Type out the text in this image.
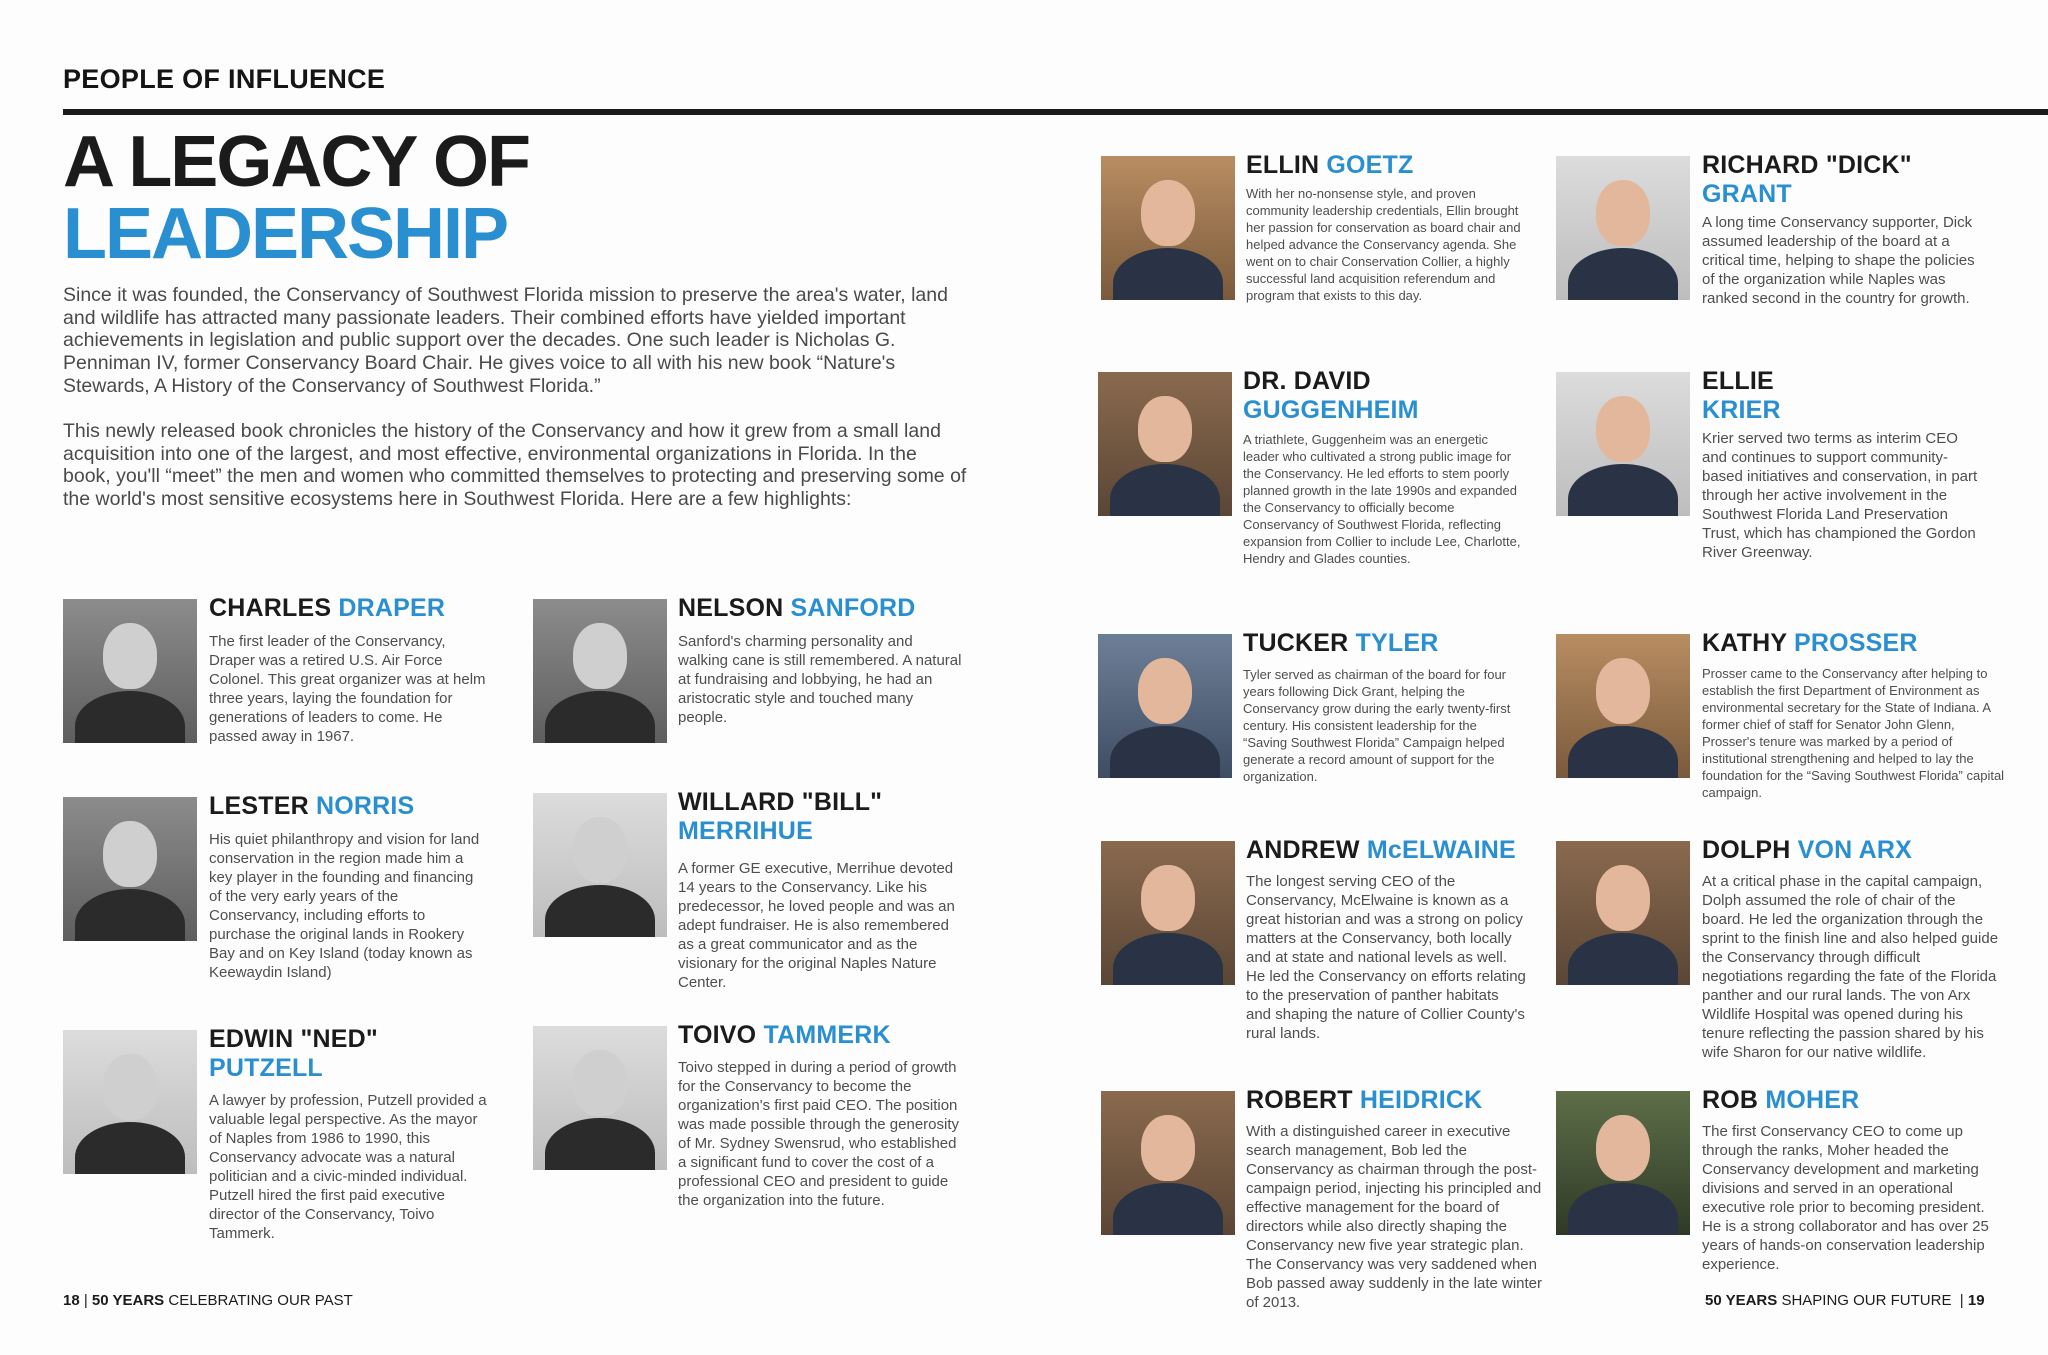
PEOPLE OF INFLUENCE
A LEGACY OF
LEADERSHIP
Since it was founded, the Conservancy of Southwest Florida mission to preserve the area's water, land and wildlife has attracted many passionate leaders. Their combined efforts have yielded important achievements in legislation and public support over the decades. One such leader is Nicholas G. Penniman IV, former Conservancy Board Chair. He gives voice to all with his new book “Nature's Stewards, A History of the Conservancy of Southwest Florida.”
This newly released book chronicles the history of the Conservancy and how it grew from a small land acquisition into one of the largest, and most effective, environmental organizations in Florida. In the book, you'll “meet” the men and women who committed themselves to protecting and preserving some of the world's most sensitive ecosystems here in Southwest Florida. Here are a few highlights:
CHARLES DRAPER
The first leader of the Conservancy, Draper was a retired U.S. Air Force Colonel. This great organizer was at helm three years, laying the foundation for generations of leaders to come. He passed away in 1967.
LESTER NORRIS
His quiet philanthropy and vision for land conservation in the region made him a key player in the founding and financing of the very early years of the Conservancy, including efforts to purchase the original lands in Rookery Bay and on Key Island (today known as Keewaydin Island)
EDWIN "NED"
PUTZELL
A lawyer by profession, Putzell provided a valuable legal perspective. As the mayor of Naples from 1986 to 1990, this Conservancy advocate was a natural politician and a civic-minded individual. Putzell hired the first paid executive director of the Conservancy, Toivo Tammerk.
NELSON SANFORD
Sanford's charming personality and walking cane is still remembered. A natural at fundraising and lobbying, he had an aristocratic style and touched many people.
WILLARD "BILL"
MERRIHUE
A former GE executive, Merrihue devoted 14 years to the Conservancy. Like his predecessor, he loved people and was an adept fundraiser. He is also remembered as a great communicator and as the visionary for the original Naples Nature Center.
TOIVO TAMMERK
Toivo stepped in during a period of growth for the Conservancy to become the organization's first paid CEO. The position was made possible through the generosity of Mr. Sydney Swensrud, who established a significant fund to cover the cost of a professional CEO and president to guide the organization into the future.
ELLIN GOETZ
With her no-nonsense style, and proven community leadership credentials, Ellin brought her passion for conservation as board chair and helped advance the Conservancy agenda. She went on to chair Conservation Collier, a highly successful land acquisition referendum and program that exists to this day.
DR. DAVID
GUGGENHEIM
A triathlete, Guggenheim was an energetic leader who cultivated a strong public image for the Conservancy. He led efforts to stem poorly planned growth in the late 1990s and expanded the Conservancy to officially become Conservancy of Southwest Florida, reflecting expansion from Collier to include Lee, Charlotte, Hendry and Glades counties.
TUCKER TYLER
Tyler served as chairman of the board for four years following Dick Grant, helping the Conservancy grow during the early twenty-first century. His consistent leadership for the “Saving Southwest Florida” Campaign helped generate a record amount of support for the organization.
ANDREW McELWAINE
The longest serving CEO of the Conservancy, McElwaine is known as a great historian and was a strong on policy matters at the Conservancy, both locally and at state and national levels as well. He led the Conservancy on efforts relating to the preservation of panther habitats and shaping the nature of Collier County's rural lands.
ROBERT HEIDRICK
With a distinguished career in executive search management, Bob led the Conservancy as chairman through the post-campaign period, injecting his principled and effective management for the board of directors while also directly shaping the Conservancy new five year strategic plan. The Conservancy was very saddened when Bob passed away suddenly in the late winter of 2013.
RICHARD "DICK"
GRANT
A long time Conservancy supporter, Dick assumed leadership of the board at a critical time, helping to shape the policies of the organization while Naples was ranked second in the country for growth.
ELLIE
KRIER
Krier served two terms as interim CEO and continues to support community-based initiatives and conservation, in part through her active involvement in the Southwest Florida Land Preservation Trust, which has championed the Gordon River Greenway.
KATHY PROSSER
Prosser came to the Conservancy after helping to establish the first Department of Environment as environmental secretary for the State of Indiana. A former chief of staff for Senator John Glenn, Prosser's tenure was marked by a period of institutional strengthening and helped to lay the foundation for the “Saving Southwest Florida” capital campaign.
DOLPH VON ARX
At a critical phase in the capital campaign, Dolph assumed the role of chair of the board. He led the organization through the sprint to the finish line and also helped guide the Conservancy through difficult negotiations regarding the fate of the Florida panther and our rural lands. The von Arx Wildlife Hospital was opened during his tenure reflecting the passion shared by his wife Sharon for our native wildlife.
ROB MOHER
The first Conservancy CEO to come up through the ranks, Moher headed the Conservancy development and marketing divisions and served in an operational executive role prior to becoming president. He is a strong collaborator and has over 25 years of hands-on conservation leadership experience.
18 | 50 YEARS CELEBRATING OUR PAST	50 YEARS SHAPING OUR FUTURE  | 19
